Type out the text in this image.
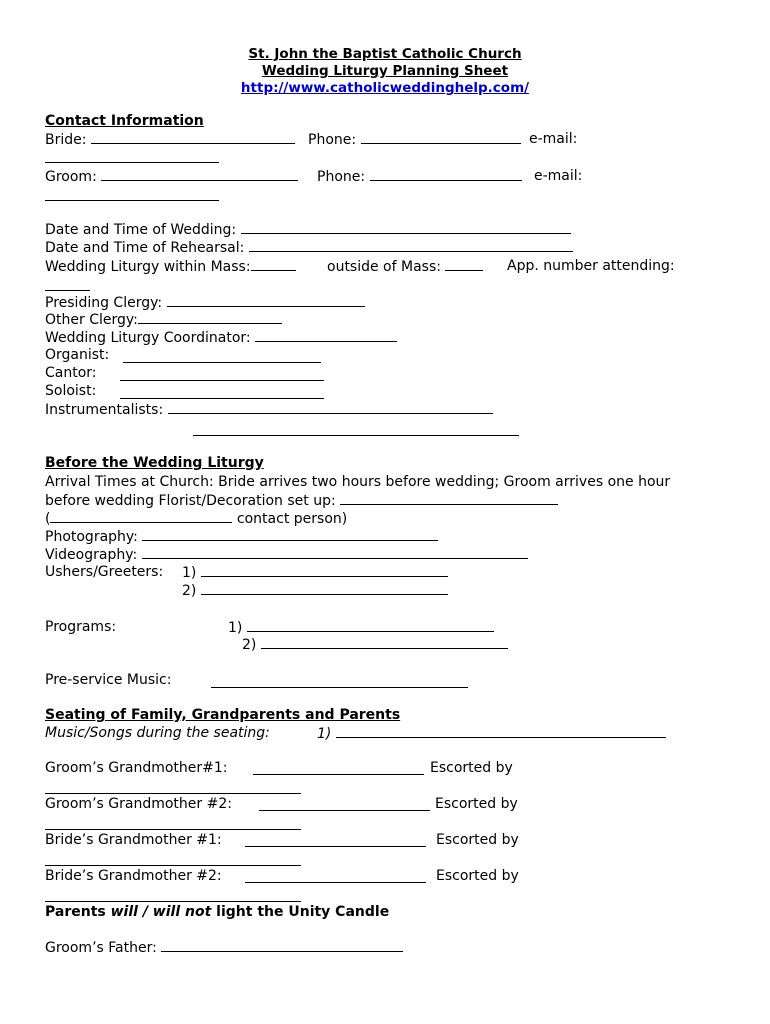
St. John the Baptist Catholic Church
Wedding Liturgy Planning Sheet
http://www.catholicweddinghelp.com/
Contact Information
Bride:	Phone:	e-mail:
Groom:	Phone:	e-mail:
Date and Time of Wedding:
Date and Time of Rehearsal:
Wedding Liturgy within Mass:	outside of Mass:	App. number attending:
Presiding Clergy:
Other Clergy:
Wedding Liturgy Coordinator:
Organist:
Cantor:
Soloist:
Instrumentalists:
Before the Wedding Liturgy
Arrival Times at Church: Bride arrives two hours before wedding; Groom arrives one hour
before wedding Florist/Decoration set up:
(	contact person)
Photography:
Videography:
Ushers/Greeters: 1)
2)
Programs:	1)
2)
Pre-service Music:
Seating of Family, Grandparents and Parents
Music/Songs during the seating:	1)
Groom’s Grandmother#1:	Escorted by
Groom’s Grandmother #2:	Escorted by
Bride’s Grandmother #1:	Escorted by
Bride’s Grandmother #2:	Escorted by
Parents will / will not light the Unity Candle
Groom’s Father:
